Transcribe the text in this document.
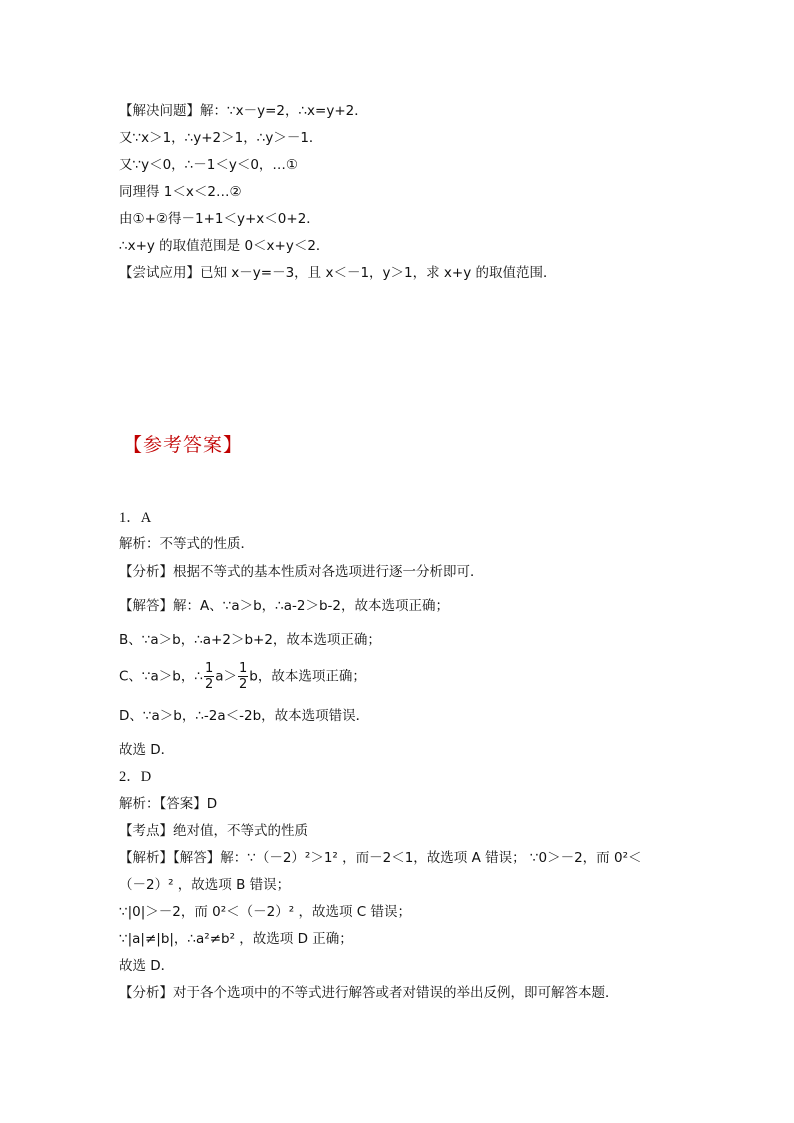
【解决问题】解：∵x－y=2，∴x=y+2．
又∵x＞1，∴y+2＞1，∴y＞－1．
又∵y＜0，∴－1＜y＜0，…①
同理得 1＜x＜2…②
由①+②得－1+1＜y+x＜0+2．
∴x+y 的取值范围是 0＜x+y＜2．
【尝试应用】已知 x－y=－3，且 x＜－1，y＞1，求 x+y 的取值范围．
【参考答案】
1．A
解析：不等式的性质．
【分析】根据不等式的基本性质对各选项进行逐一分析即可．
【解答】解：A、∵a＞b，∴a-2＞b-2，故本选项正确；
B、∵a＞b，∴a+2＞b+2，故本选项正确；
C、∵a＞b，∴ $\frac{1}{2} a> \frac{1}{2}$ b，故本选项正确；
D、∵a＞b，∴-2a＜-2b，故本选项错误．
故选 D．
2．D
解析：【答案】D
【考点】绝对值，不等式的性质
【解析】【解答】解：∵（－2）²＞1² ，而－2＜1，故选项 A 错误； ∵0＞－2，而 0²＜
（－2）² ，故选项 B 错误；
∵|0|＞－2，而 0²＜（－2）² ，故选项 C 错误；
∵|a|≠|b|，∴a²≠b² ，故选项 D 正确；
故选 D．
【分析】对于各个选项中的不等式进行解答或者对错误的举出反例，即可解答本题．
